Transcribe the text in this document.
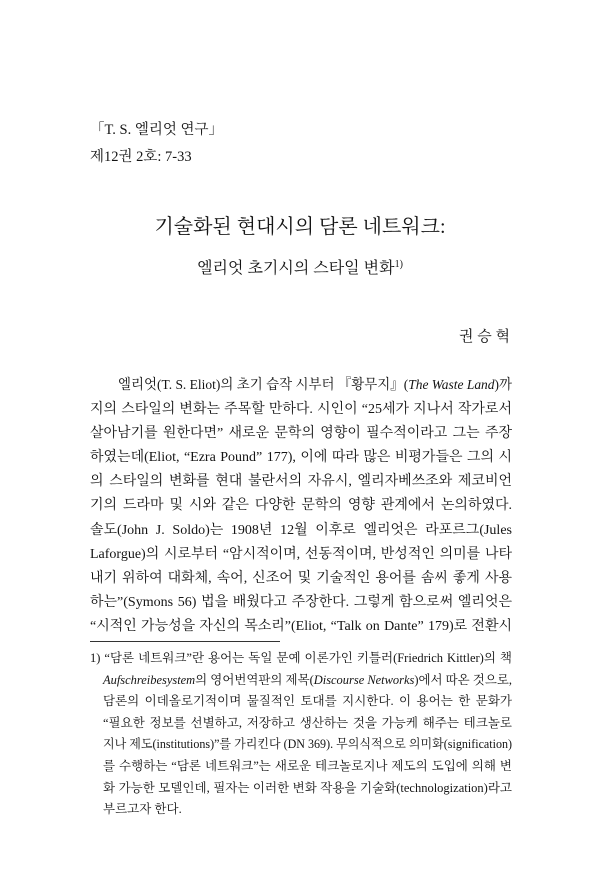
「T. S. 엘리엇 연구」
제12권 2호: 7-33
기술화된 현대시의 담론 네트워크:
엘리엇 초기시의 스타일 변화$^{1)}$
권 승 혁
엘리엇(T. S. Eliot)의 초기 습작 시부터 『황무지』(The Waste Land)까
지의 스타일의 변화는 주목할 만하다. 시인이 “25세가 지나서 작가로서
살아남기를 원한다면” 새로운 문학의 영향이 필수적이라고 그는 주장
하였는데(Eliot, “Ezra Pound” 177), 이에 따라 많은 비평가들은 그의 시
의 스타일의 변화를 현대 불란서의 자유시, 엘리자베쓰조와 제코비언
기의 드라마 및 시와 같은 다양한 문학의 영향 관계에서 논의하였다.
솔도(John J. Soldo)는 1908년 12월 이후로 엘리엇은 라포르그(Jules
Laforgue)의 시로부터 “암시적이며, 선동적이며, 반성적인 의미를 나타
내기 위하여 대화체, 속어, 신조어 및 기술적인 용어를 솜씨 좋게 사용
하는”(Symons 56) 법을 배웠다고 주장한다. 그렇게 함으로써 엘리엇은
“시적인 가능성을 자신의 목소리”(Eliot, “Talk on Dante” 179)로 전환시
1) “담론 네트워크”란 용어는 독일 문예 이론가인 키틀러(Friedrich Kittler)의 책
Aufschreibesystem의 영어번역판의 제목(Discourse Networks)에서 따온 것으로,
담론의 이데올로기적이며 물질적인 토대를 지시한다. 이 용어는 한 문화가
“필요한 정보를 선별하고, 저장하고 생산하는 것을 가능케 해주는 테크놀로
지나 제도(institutions)”를 가리킨다 (DN 369). 무의식적으로 의미화(signification)
를 수행하는 “담론 네트워크”는 새로운 테크놀로지나 제도의 도입에 의해 변
화 가능한 모델인데, 필자는 이러한 변화 작용을 기술화(technologization)라고
부르고자 한다.
